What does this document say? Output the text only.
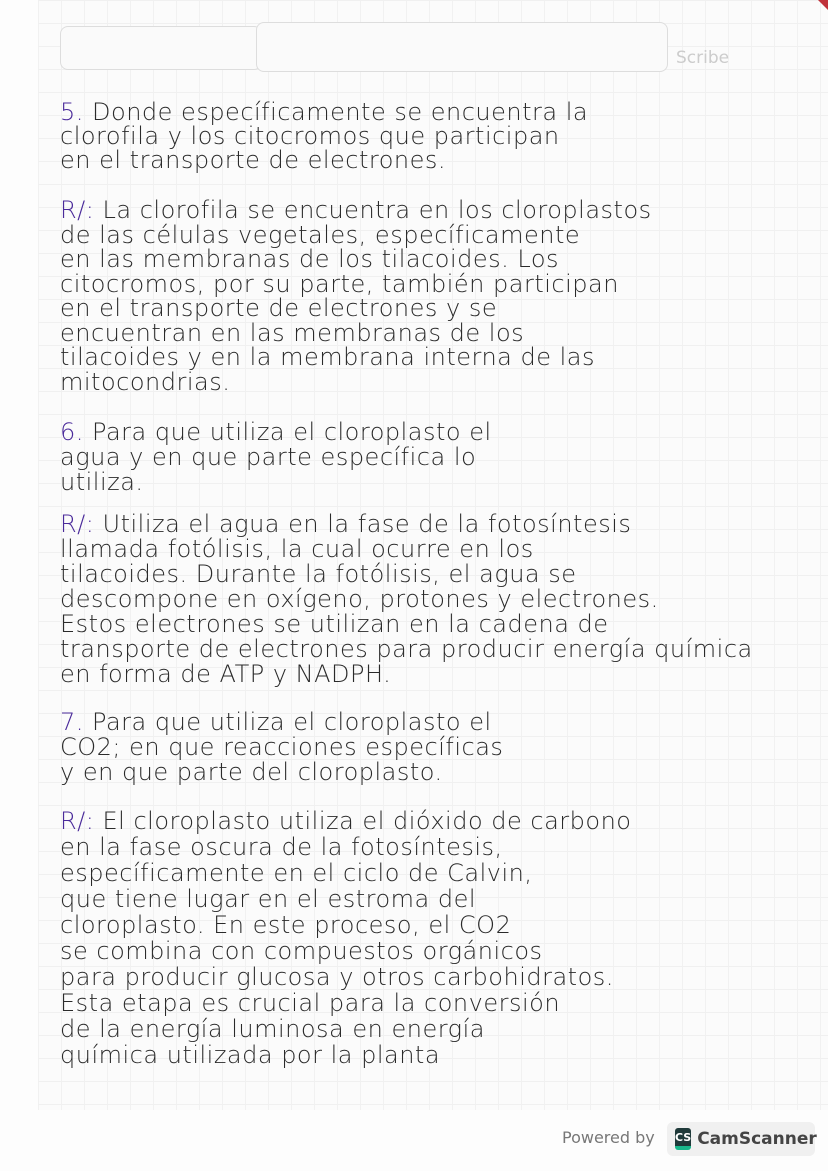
Scribe
5. Donde específicamente se encuentra la
clorofila y los citocromos que participan
en el transporte de electrones.
R/: La clorofila se encuentra en los cloroplastos
de las células vegetales, específicamente
en las membranas de los tilacoides. Los
citocromos, por su parte, también participan
en el transporte de electrones y se
encuentran en las membranas de los
tilacoides y en la membrana interna de las
mitocondrias.
6. Para que utiliza el cloroplasto el
agua y en que parte específica lo
utiliza.
R/: Utiliza el agua en la fase de la fotosíntesis
llamada fotólisis, la cual ocurre en los
tilacoides. Durante la fotólisis, el agua se
descompone en oxígeno, protones y electrones.
Estos electrones se utilizan en la cadena de
transporte de electrones para producir energía química
en forma de ATP y NADPH.
7. Para que utiliza el cloroplasto el
CO2; en que reacciones específicas
y en que parte del cloroplasto.
R/: El cloroplasto utiliza el dióxido de carbono
en la fase oscura de la fotosíntesis,
específicamente en el ciclo de Calvin,
que tiene lugar en el estroma del
cloroplasto. En este proceso, el CO2
se combina con compuestos orgánicos
para producir glucosa y otros carbohidratos.
Esta etapa es crucial para la conversión
de la energía luminosa en energía
química utilizada por la planta
Powered by CS CamScanner
